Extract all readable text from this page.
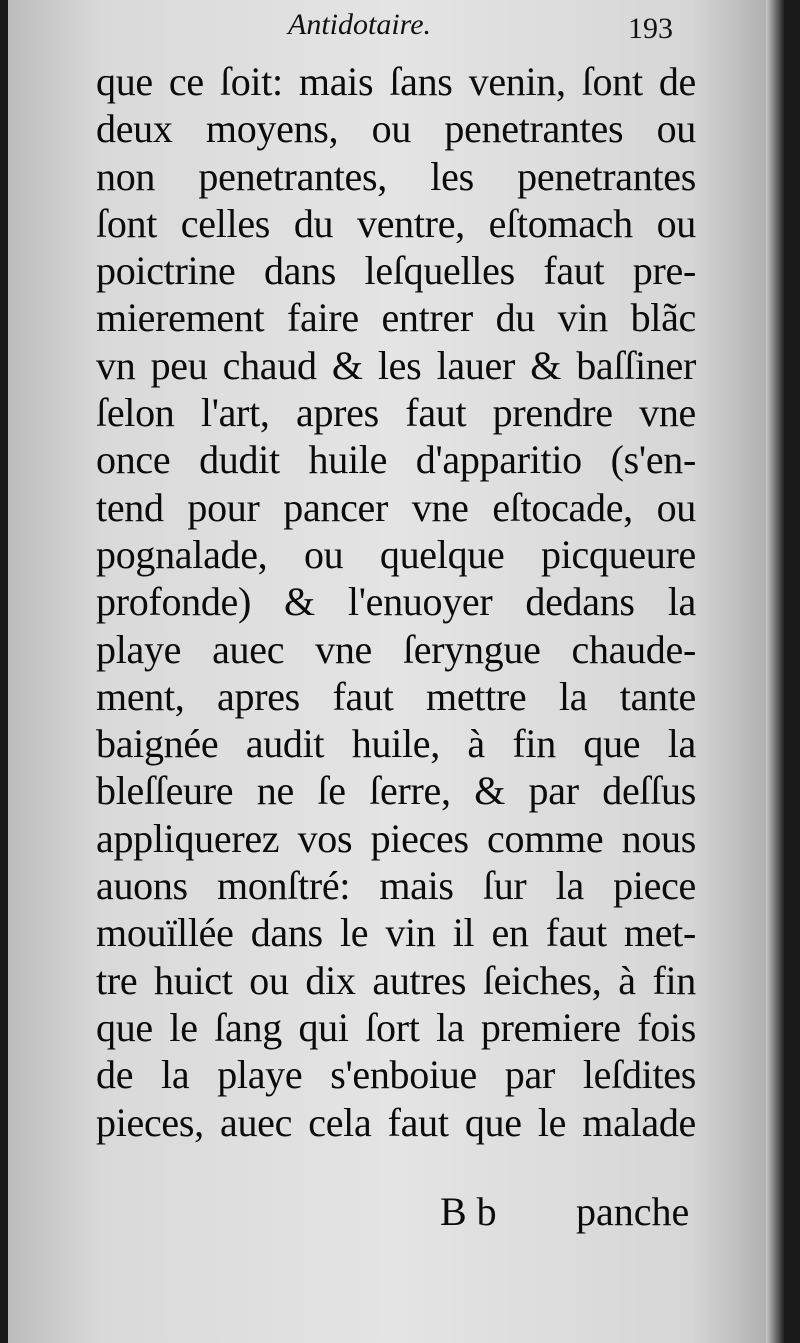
Antidotaire.	193
que ce ſoit: mais ſans venin, ſont de
deux moyens, ou penetrantes ou
non penetrantes, les penetrantes
ſont celles du ventre, eſtomach ou
poictrine dans leſquelles faut pre-
mierement faire entrer du vin blãc
vn peu chaud & les lauer & baſſiner
ſelon l'art, apres faut prendre vne
once dudit huile d'apparitio (s'en-
tend pour pancer vne eſtocade, ou
pognalade, ou quelque picqueure
profonde) & l'enuoyer dedans la
playe auec vne ſeryngue chaude-
ment, apres faut mettre la tante
baignée audit huile, à fin que la
bleſſeure ne ſe ſerre, & par deſſus
appliquerez vos pieces comme nous
auons monſtré: mais ſur la piece
mouïllée dans le vin il en faut met-
tre huict ou dix autres ſeiches, à fin
que le ſang qui ſort la premiere fois
de la playe s'enboiue par leſdites
pieces, auec cela faut que le malade
B b panche
